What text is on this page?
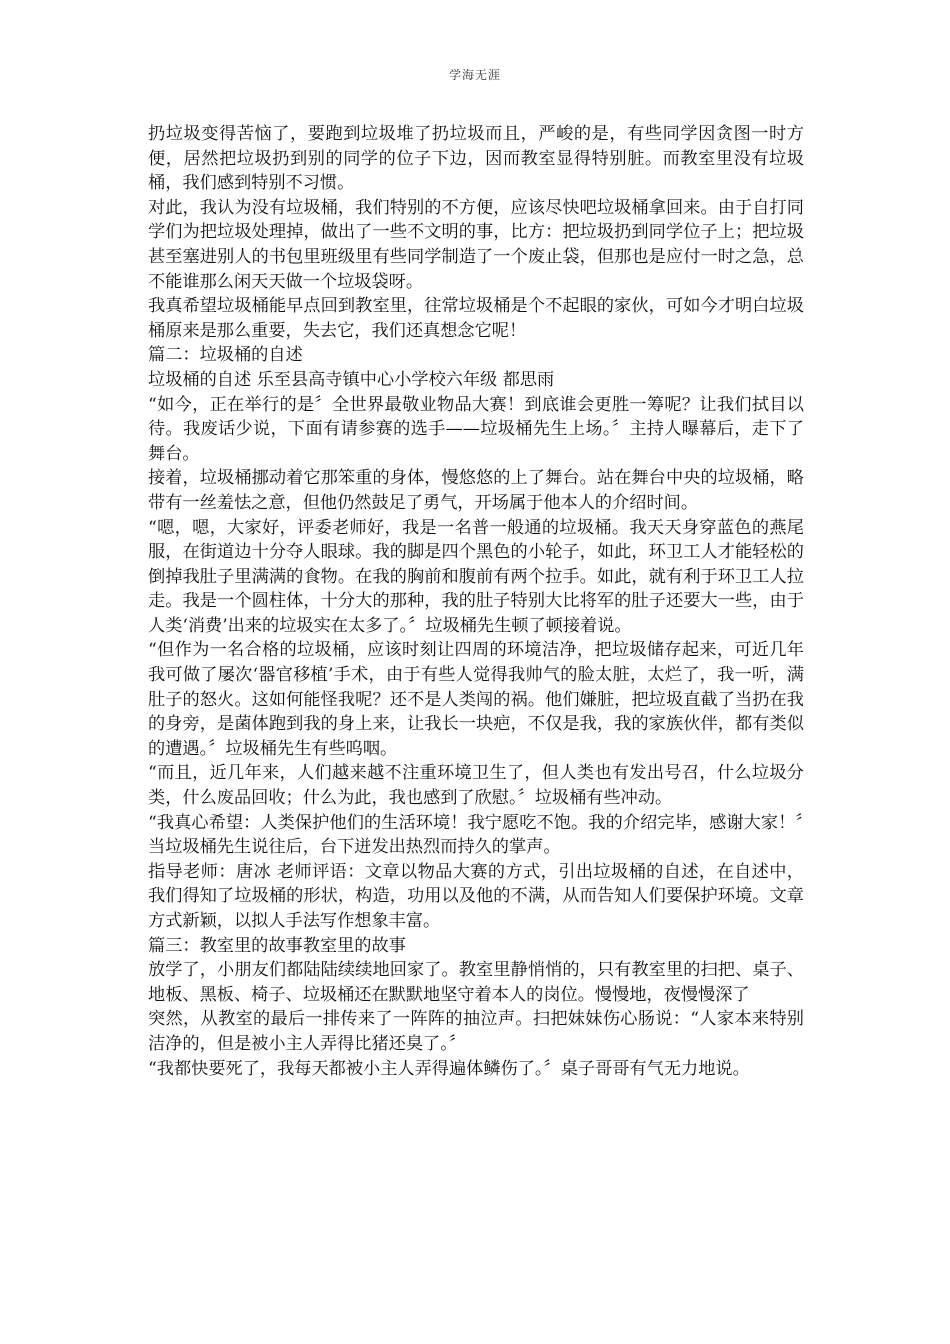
学海无涯

扔垃圾变得苦恼了，要跑到垃圾堆了扔垃圾而且，严峻的是，有些同学因贪图一时方便，居然把垃圾扔到别的同学的位子下边，因而教室显得特别脏。而教室里没有垃圾桶，我们感到特别不习惯。

对此，我认为没有垃圾桶，我们特别的不方便，应该尽快吧垃圾桶拿回来。由于自打同学们为把垃圾处理掉，做出了一些不文明的事，比方：把垃圾扔到同学位子上；把垃圾甚至塞进别人的书包里班级里有些同学制造了一个废止袋，但那也是应付一时之急，总不能谁那么闲天天做一个垃圾袋呀。

我真希望垃圾桶能早点回到教室里，往常垃圾桶是个不起眼的家伙，可如今才明白垃圾桶原来是那么重要，失去它，我们还真想念它呢！

篇二：垃圾桶的自述

垃圾桶的自述 乐至县高寺镇中心小学校六年级 都思雨

“如今，正在举行的是〞全世界最敬业物品大赛！到底谁会更胜一筹呢？让我们拭目以待。我废话少说，下面有请参赛的选手——垃圾桶先生上场。〞主持人曝幕后，走下了舞台。

接着，垃圾桶挪动着它那笨重的身体，慢悠悠的上了舞台。站在舞台中央的垃圾桶，略带有一丝羞怯之意，但他仍然鼓足了勇气，开场属于他本人的介绍时间。

“嗯，嗯，大家好，评委老师好，我是一名普一般通的垃圾桶。我天天身穿蓝色的燕尾服，在街道边十分夺人眼球。我的脚是四个黑色的小轮子，如此，环卫工人才能轻松的倒掉我肚子里满满的食物。在我的胸前和腹前有两个拉手。如此，就有利于环卫工人拉走。我是一个圆柱体，十分大的那种，我的肚子特别大比将军的肚子还要大一些，由于人类‘消费’出来的垃圾实在太多了。〞垃圾桶先生顿了顿接着说。

“但作为一名合格的垃圾桶，应该时刻让四周的环境洁净，把垃圾储存起来，可近几年我可做了屡次‘器官移植’手术，由于有些人觉得我帅气的脸太脏，太烂了，我一听，满肚子的怒火。这如何能怪我呢？还不是人类闯的祸。他们嫌脏，把垃圾直截了当扔在我的身旁，是菌体跑到我的身上来，让我长一块疤，不仅是我，我的家族伙伴，都有类似的遭遇。〞垃圾桶先生有些呜咽。

“而且，近几年来，人们越来越不注重环境卫生了，但人类也有发出号召，什么垃圾分类，什么废品回收；什么为此，我也感到了欣慰。〞垃圾桶有些冲动。

“我真心希望：人类保护他们的生活环境！我宁愿吃不饱。我的介绍完毕，感谢大家！〞当垃圾桶先生说往后，台下迸发出热烈而持久的掌声。

指导老师：唐冰 老师评语：文章以物品大赛的方式，引出垃圾桶的自述，在自述中，我们得知了垃圾桶的形状，构造，功用以及他的不满，从而告知人们要保护环境。文章方式新颖，以拟人手法写作想象丰富。

篇三：教室里的故事教室里的故事

放学了，小朋友们都陆陆续续地回家了。教室里静悄悄的，只有教室里的扫把、桌子、地板、黑板、椅子、垃圾桶还在默默地坚守着本人的岗位。慢慢地，夜慢慢深了

突然，从教室的最后一排传来了一阵阵的抽泣声。扫把妹妹伤心肠说：“人家本来特别洁净的，但是被小主人弄得比猪还臭了。〞

“我都快要死了，我每天都被小主人弄得遍体鳞伤了。〞桌子哥哥有气无力地说。
